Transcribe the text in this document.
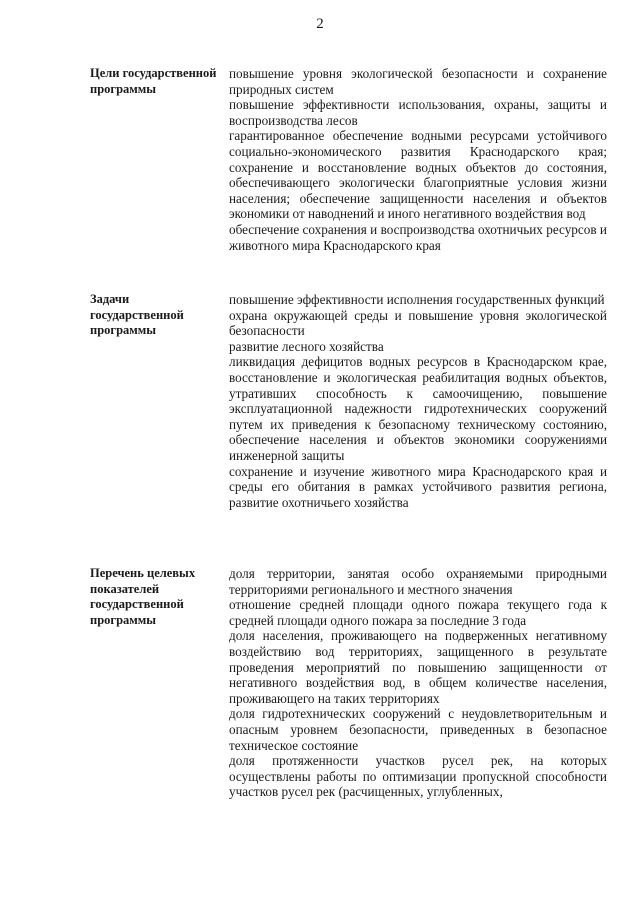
2
Цели государственной программы

повышение уровня экологической безопасности и сохранение природных систем

повышение эффективности использования, охраны, защиты и воспроизводства лесов

гарантированное обеспечение водными ресурсами устойчивого социально-экономического развития Краснодарского края; сохранение и восстановление водных объектов до состояния, обеспечивающего экологически благоприятные условия жизни населения; обеспечение защищенности населения и объектов экономики от наводнений и иного негативного воздействия вод

обеспечение сохранения и воспроизводства охотничьих ресурсов и животного мира Краснодарского края

Задачи государственной программы

повышение эффективности исполнения государственных функций

охрана окружающей среды и повышение уровня экологической безопасности

развитие лесного хозяйства

ликвидация дефицитов водных ресурсов в Краснодарском крае, восстановление и экологическая реабилитация водных объектов, утративших способность к самоочищению, повышение эксплуатационной надежности гидротехнических сооружений путем их приведения к безопасному техническому состоянию, обеспечение населения и объектов экономики сооружениями инженерной защиты

сохранение и изучение животного мира Краснодарского края и среды его обитания в рамках устойчивого развития региона, развитие охотничьего хозяйства

Перечень целевых показателей государственной программы

доля территории, занятая особо охраняемыми природными территориями регионального и местного значения

отношение средней площади одного пожара текущего года к средней площади одного пожара за последние 3 года

доля населения, проживающего на подверженных негативному воздействию вод территориях, защищенного в результате проведения мероприятий по повышению защищенности от негативного воздействия вод, в общем количестве населения, проживающего на таких территориях

доля гидротехнических сооружений с неудовлетворительным и опасным уровнем безопасности, приведенных в безопасное техническое состояние

доля протяженности участков русел рек, на которых осуществлены работы по оптимизации пропускной способности участков русел рек (расчищенных, углубленных,
